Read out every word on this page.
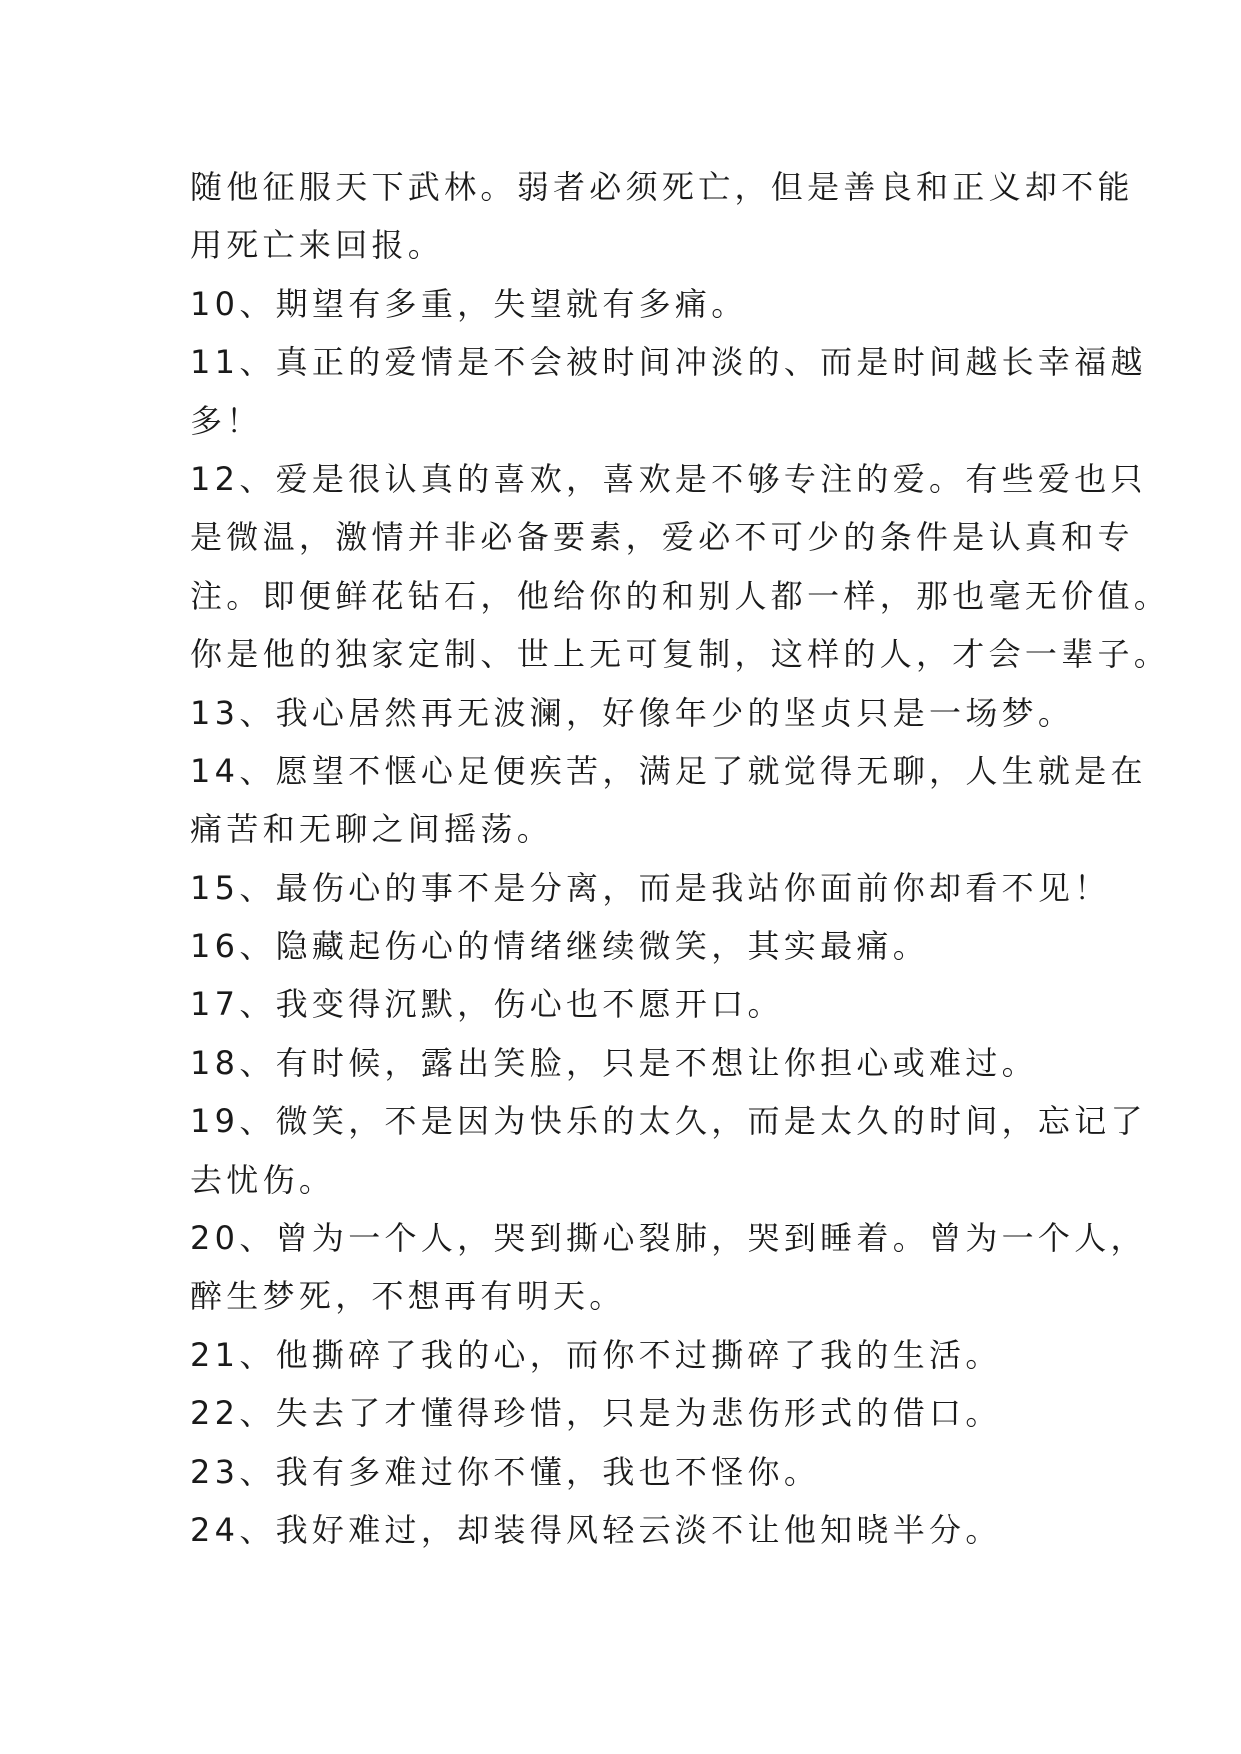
随他征服天下武林。弱者必须死亡，但是善良和正义却不能
用死亡来回报。
10、期望有多重，失望就有多痛。
11、真正的爱情是不会被时间冲淡的、而是时间越长幸福越
多！
12、爱是很认真的喜欢，喜欢是不够专注的爱。有些爱也只
是微温，激情并非必备要素，爱必不可少的条件是认真和专
注。即便鲜花钻石，他给你的和别人都一样，那也毫无价值。
你是他的独家定制、世上无可复制，这样的人，才会一辈子。
13、我心居然再无波澜，好像年少的坚贞只是一场梦。
14、愿望不惬心足便疾苦，满足了就觉得无聊，人生就是在
痛苦和无聊之间摇荡。
15、最伤心的事不是分离，而是我站你面前你却看不见！
16、隐藏起伤心的情绪继续微笑，其实最痛。
17、我变得沉默，伤心也不愿开口。
18、有时候，露出笑脸，只是不想让你担心或难过。
19、微笑，不是因为快乐的太久，而是太久的时间，忘记了
去忧伤。
20、曾为一个人，哭到撕心裂肺，哭到睡着。曾为一个人，
醉生梦死，不想再有明天。
21、他撕碎了我的心，而你不过撕碎了我的生活。
22、失去了才懂得珍惜，只是为悲伤形式的借口。
23、我有多难过你不懂，我也不怪你。
24、我好难过，却装得风轻云淡不让他知晓半分。
